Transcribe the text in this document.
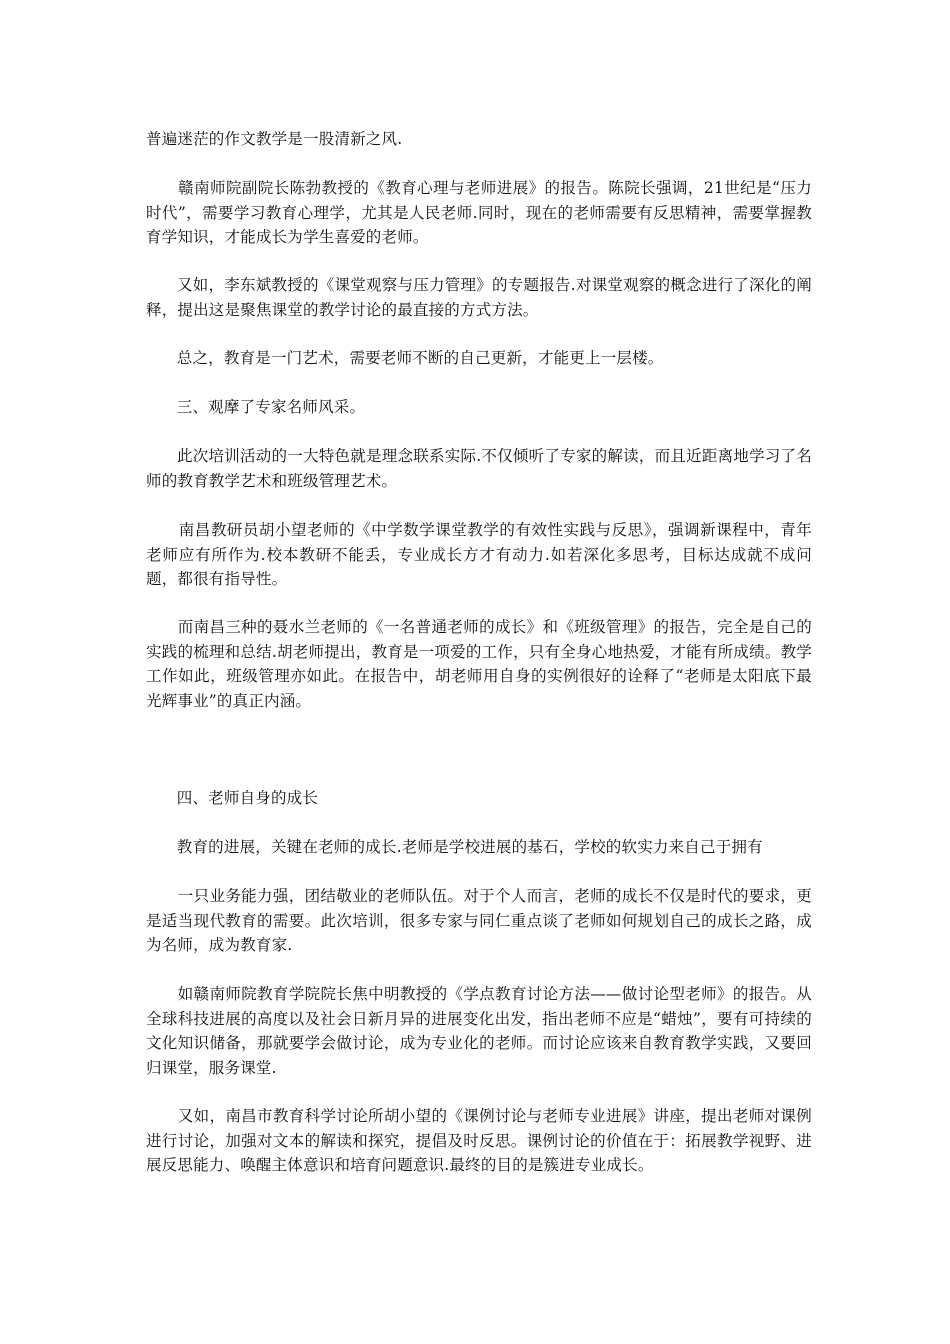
普遍迷茫的作文教学是一股清新之风.

赣南师院副院长陈勃教授的《教育心理与老师进展》的报告。陈院长强调，21世纪是“压力时代”，需要学习教育心理学，尤其是人民老师.同时，现在的老师需要有反思精神，需要掌握教育学知识，才能成长为学生喜爱的老师。

又如，李东斌教授的《课堂观察与压力管理》的专题报告.对课堂观察的概念进行了深化的阐释，提出这是聚焦课堂的教学讨论的最直接的方式方法。

总之，教育是一门艺术，需要老师不断的自己更新，才能更上一层楼。

三、观摩了专家名师风采。

此次培训活动的一大特色就是理念联系实际.不仅倾听了专家的解读，而且近距离地学习了名师的教育教学艺术和班级管理艺术。

南昌教研员胡小望老师的《中学数学课堂教学的有效性实践与反思》，强调新课程中，青年老师应有所作为.校本教研不能丢，专业成长方才有动力.如若深化多思考，目标达成就不成问题，都很有指导性。

而南昌三种的聂水兰老师的《一名普通老师的成长》和《班级管理》的报告，完全是自己的实践的梳理和总结.胡老师提出，教育是一项爱的工作，只有全身心地热爱，才能有所成绩。教学工作如此，班级管理亦如此。在报告中，胡老师用自身的实例很好的诠释了“老师是太阳底下最光辉事业”的真正内涵。

四、老师自身的成长

教育的进展，关键在老师的成长.老师是学校进展的基石，学校的软实力来自己于拥有

一只业务能力强，团结敬业的老师队伍。对于个人而言，老师的成长不仅是时代的要求，更是适当现代教育的需要。此次培训，很多专家与同仁重点谈了老师如何规划自己的成长之路，成为名师，成为教育家.

如赣南师院教育学院院长焦中明教授的《学点教育讨论方法——做讨论型老师》的报告。从全球科技进展的高度以及社会日新月异的进展变化出发，指出老师不应是“蜡烛”，要有可持续的文化知识储备，那就要学会做讨论，成为专业化的老师。而讨论应该来自教育教学实践，又要回归课堂，服务课堂.

又如，南昌市教育科学讨论所胡小望的《课例讨论与老师专业进展》讲座，提出老师对课例进行讨论，加强对文本的解读和探究，提倡及时反思。课例讨论的价值在于：拓展教学视野、进展反思能力、唤醒主体意识和培育问题意识.最终的目的是簇进专业成长。
